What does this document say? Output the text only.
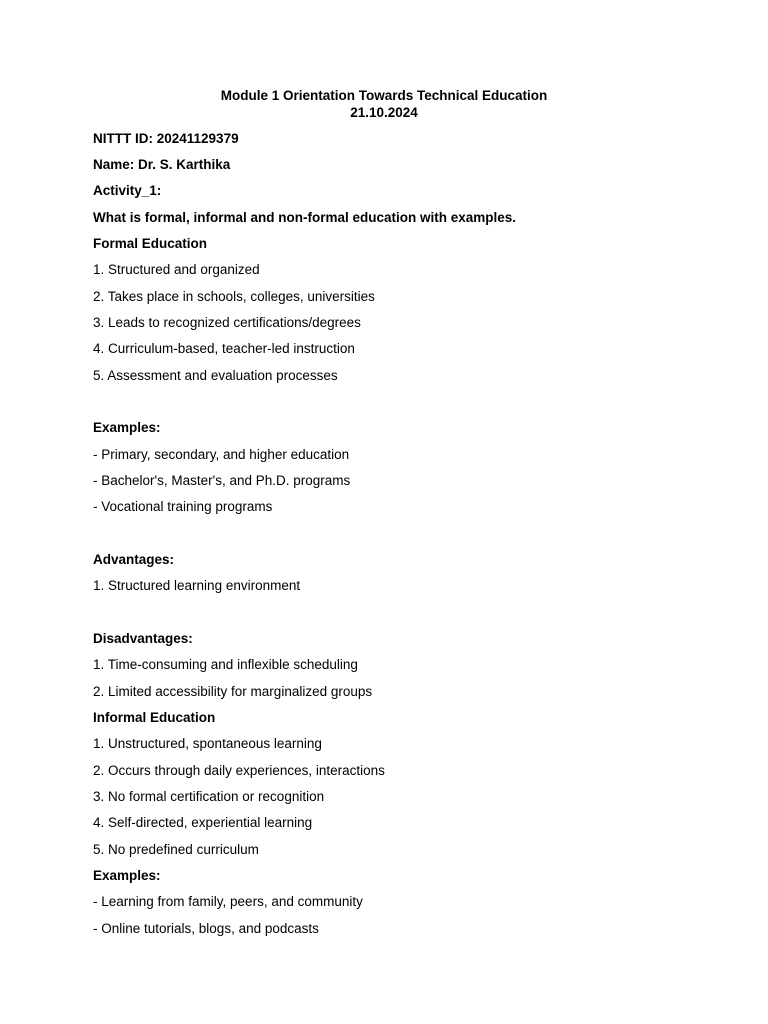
Module 1 Orientation Towards Technical Education
21.10.2024
NITTT ID: 20241129379
Name: Dr. S. Karthika
Activity_1:
What is formal, informal and non-formal education with examples.
Formal Education
1. Structured and organized
2. Takes place in schools, colleges, universities
3. Leads to recognized certifications/degrees
4. Curriculum-based, teacher-led instruction
5. Assessment and evaluation processes
Examples:
- Primary, secondary, and higher education
- Bachelor's, Master's, and Ph.D. programs
- Vocational training programs
Advantages:
1. Structured learning environment
Disadvantages:
1. Time-consuming and inflexible scheduling
2. Limited accessibility for marginalized groups
Informal Education
1. Unstructured, spontaneous learning
2. Occurs through daily experiences, interactions
3. No formal certification or recognition
4. Self-directed, experiential learning
5. No predefined curriculum
Examples:
- Learning from family, peers, and community
- Online tutorials, blogs, and podcasts
